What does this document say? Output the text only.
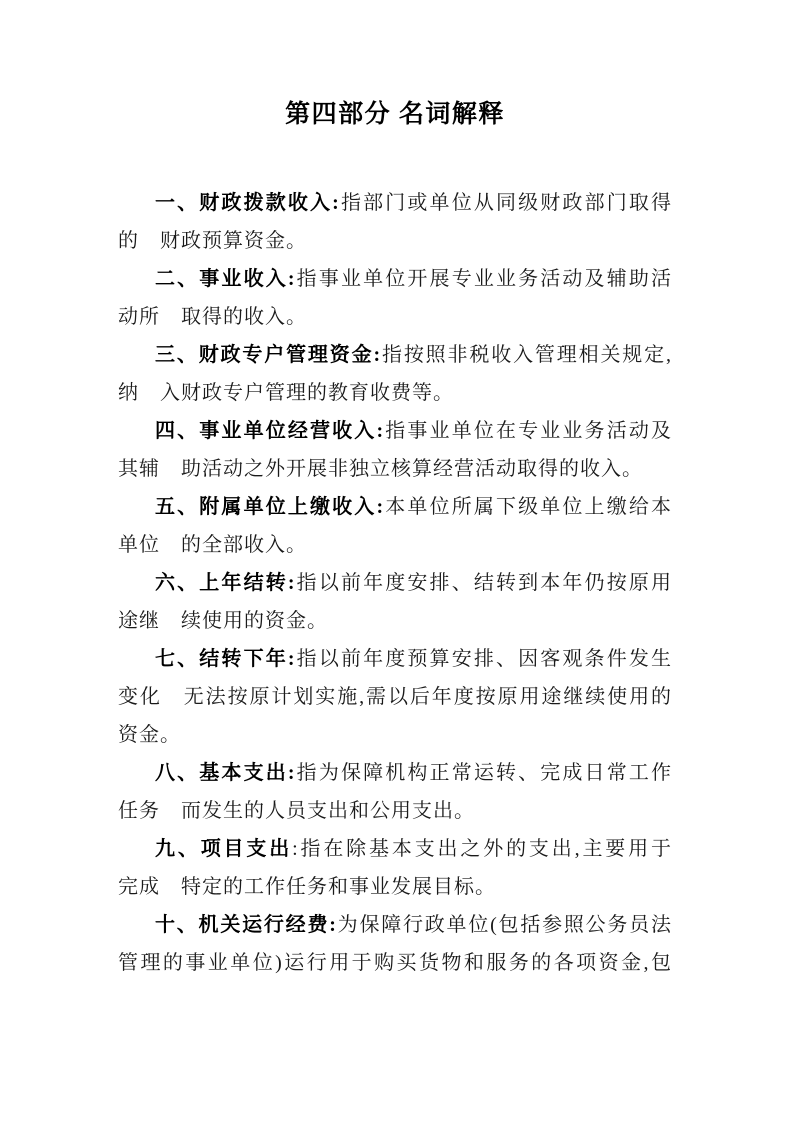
第四部分 名词解释
一、财政拨款收入:指部门或单位从同级财政部门取得
的　财政预算资金。
二、事业收入:指事业单位开展专业业务活动及辅助活
动所　取得的收入。
三、财政专户管理资金:指按照非税收入管理相关规定,
纳　入财政专户管理的教育收费等。
四、事业单位经营收入:指事业单位在专业业务活动及
其辅　助活动之外开展非独立核算经营活动取得的收入。
五、附属单位上缴收入:本单位所属下级单位上缴给本
单位　的全部收入。
六、上年结转:指以前年度安排、结转到本年仍按原用
途继　续使用的资金。
七、结转下年:指以前年度预算安排、因客观条件发生
变化　无法按原计划实施,需以后年度按原用途继续使用的
资金。
八、基本支出:指为保障机构正常运转、完成日常工作
任务　而发生的人员支出和公用支出。
九、项目支出:指在除基本支出之外的支出,主要用于
完成　特定的工作任务和事业发展目标。
十、机关运行经费:为保障行政单位(包括参照公务员法
管理的事业单位)运行用于购买货物和服务的各项资金,包
